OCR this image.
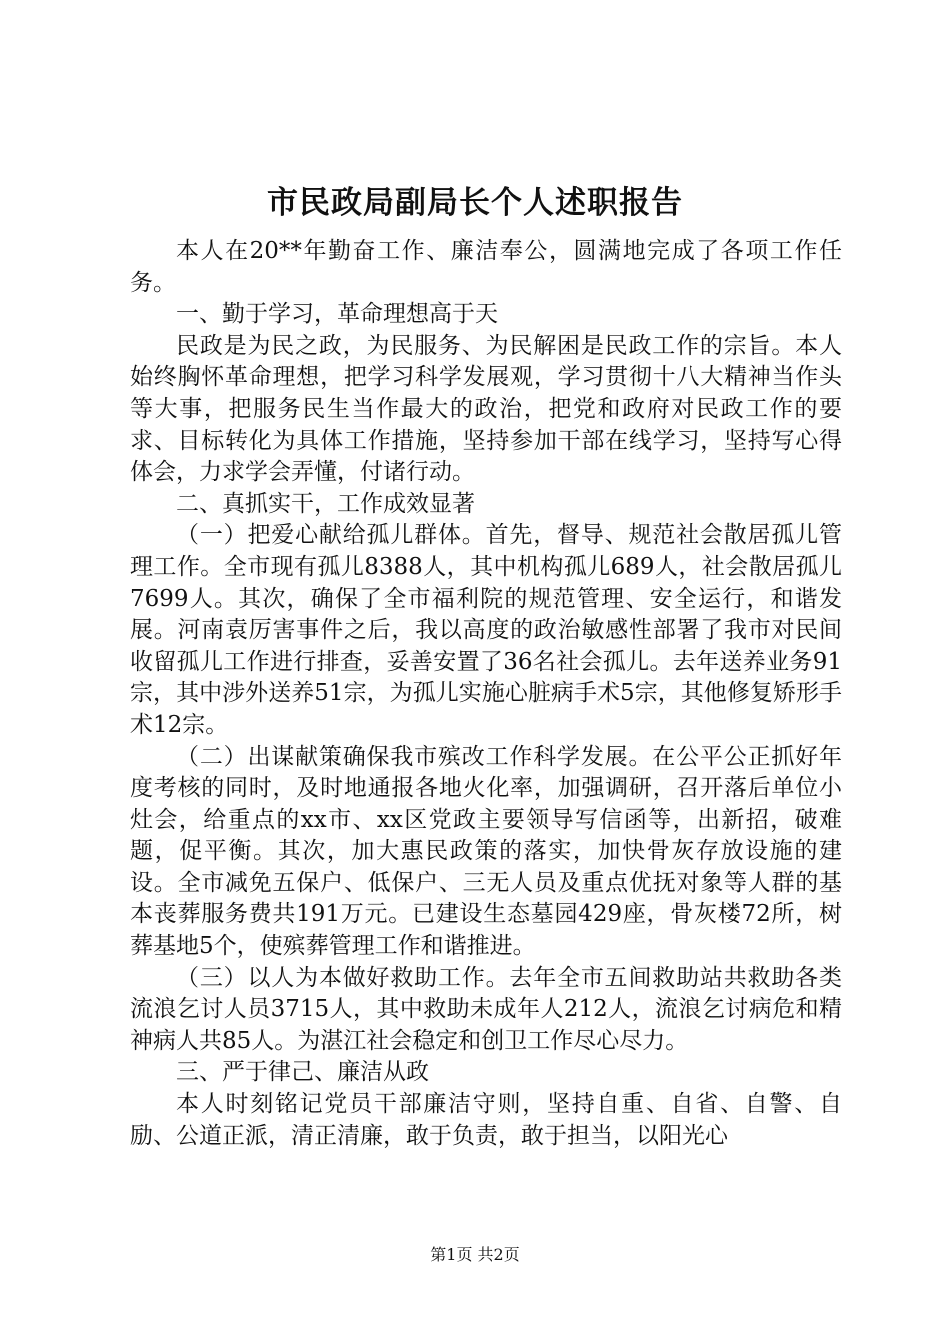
市民政局副局长个人述职报告

本人在20**年勤奋工作、廉洁奉公，圆满地完成了各项工作任务。

一、勤于学习，革命理想高于天

民政是为民之政，为民服务、为民解困是民政工作的宗旨。本人始终胸怀革命理想，把学习科学发展观，学习贯彻十八大精神当作头等大事，把服务民生当作最大的政治，把党和政府对民政工作的要求、目标转化为具体工作措施，坚持参加干部在线学习，坚持写心得体会，力求学会弄懂，付诸行动。

二、真抓实干，工作成效显著

（一）把爱心献给孤儿群体。首先，督导、规范社会散居孤儿管理工作。全市现有孤儿8388人，其中机构孤儿689人，社会散居孤儿7699人。其次，确保了全市福利院的规范管理、安全运行，和谐发展。河南袁厉害事件之后，我以高度的政治敏感性部署了我市对民间收留孤儿工作进行排查，妥善安置了36名社会孤儿。去年送养业务91宗，其中涉外送养51宗，为孤儿实施心脏病手术5宗，其他修复矫形手术12宗。

（二）出谋献策确保我市殡改工作科学发展。在公平公正抓好年度考核的同时，及时地通报各地火化率，加强调研，召开落后单位小灶会，给重点的xx市、xx区党政主要领导写信函等，出新招，破难题，促平衡。其次，加大惠民政策的落实，加快骨灰存放设施的建设。全市减免五保户、低保户、三无人员及重点优抚对象等人群的基本丧葬服务费共191万元。已建设生态墓园429座，骨灰楼72所，树葬基地5个，使殡葬管理工作和谐推进。

（三）以人为本做好救助工作。去年全市五间救助站共救助各类流浪乞讨人员3715人，其中救助未成年人212人，流浪乞讨病危和精神病人共85人。为湛江社会稳定和创卫工作尽心尽力。

三、严于律己、廉洁从政

本人时刻铭记党员干部廉洁守则，坚持自重、自省、自警、自励、公道正派，清正清廉，敢于负责，敢于担当，以阳光心

第1页 共2页
